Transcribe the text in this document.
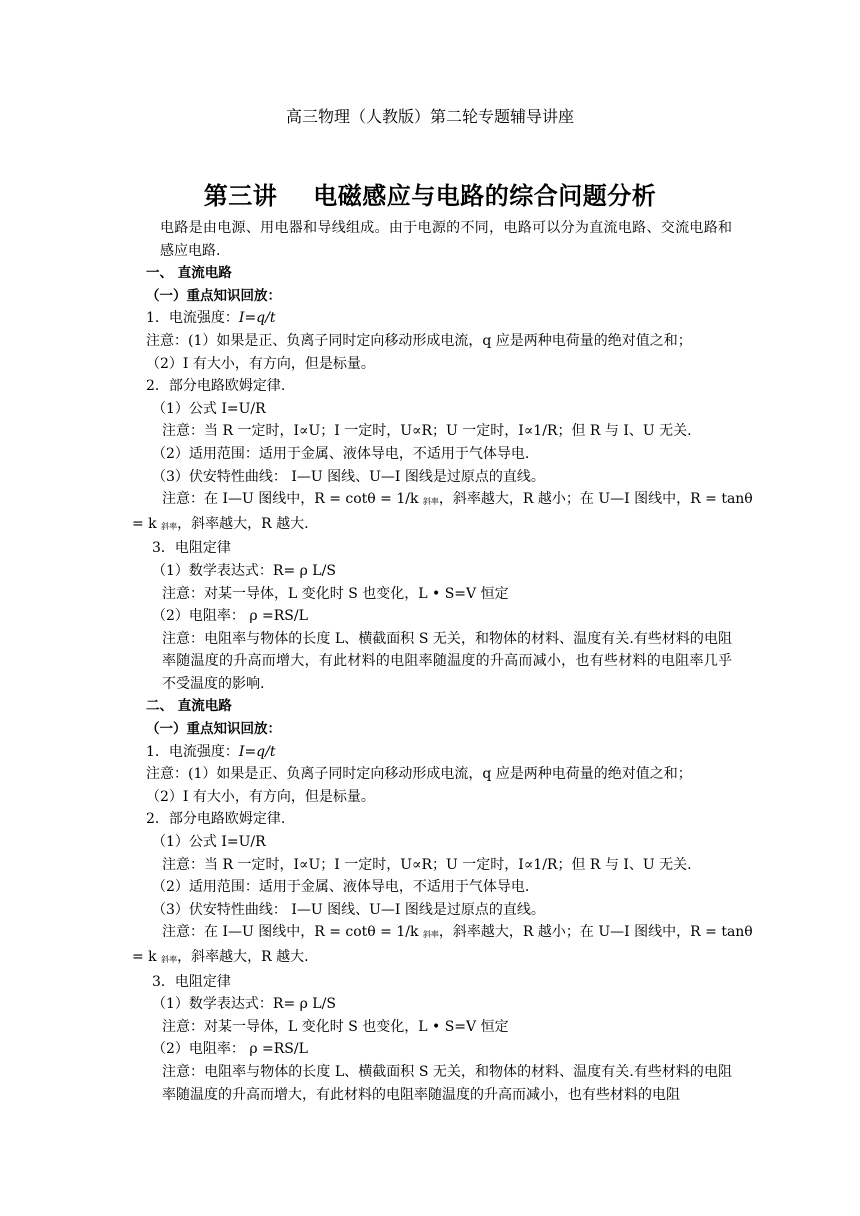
高三物理（人教版）第二轮专题辅导讲座
第三讲 电磁感应与电路的综合问题分析
电路是由电源、用电器和导线组成。由于电源的不同，电路可以分为直流电路、交流电路和感应电路.
一、 直流电路
（一）重点知识回放：
1．电流强度：I=q/t
注意：(1）如果是正、负离子同时定向移动形成电流，q 应是两种电荷量的绝对值之和；
（2）I 有大小，有方向，但是标量。
2．部分电路欧姆定律.
（1）公式 I=U/R
注意：当 R 一定时，I∝U；I 一定时，U∝R；U 一定时，I∝1/R；但 R 与 I、U 无关.
（2）适用范围：适用于金属、液体导电，不适用于气体导电.
（3）伏安特性曲线： I—U 图线、U—I 图线是过原点的直线。
注意：在 I—U 图线中，R = cotθ = 1/k $_{斜率}$，斜率越大，R 越小；在 U—I 图线中，R = tanθ
= k $_{斜率}$，斜率越大，R 越大.
3．电阻定律
（1）数学表达式：R= ρ L/S
注意：对某一导体，L 变化时 S 也变化，L • S=V 恒定
（2）电阻率： ρ =RS/L
注意：电阻率与物体的长度 L、横截面积 S 无关，和物体的材料、温度有关.有些材料的电阻率随温度的升高而增大，有此材料的电阻率随温度的升高而减小，也有些材料的电阻率几乎不受温度的影响.
二、 直流电路
（一）重点知识回放：
1．电流强度：I=q/t
注意：(1）如果是正、负离子同时定向移动形成电流，q 应是两种电荷量的绝对值之和；
（2）I 有大小，有方向，但是标量。
2．部分电路欧姆定律.
（1）公式 I=U/R
注意：当 R 一定时，I∝U；I 一定时，U∝R；U 一定时，I∝1/R；但 R 与 I、U 无关.
（2）适用范围：适用于金属、液体导电，不适用于气体导电.
（3）伏安特性曲线： I—U 图线、U—I 图线是过原点的直线。
注意：在 I—U 图线中，R = cotθ = 1/k $_{斜率}$，斜率越大，R 越小；在 U—I 图线中，R = tanθ
= k $_{斜率}$，斜率越大，R 越大.
3．电阻定律
（1）数学表达式：R= ρ L/S
注意：对某一导体，L 变化时 S 也变化，L • S=V 恒定
（2）电阻率： ρ =RS/L
注意：电阻率与物体的长度 L、横截面积 S 无关，和物体的材料、温度有关.有些材料的电阻率随温度的升高而增大，有此材料的电阻率随温度的升高而减小，也有些材料的电阻
